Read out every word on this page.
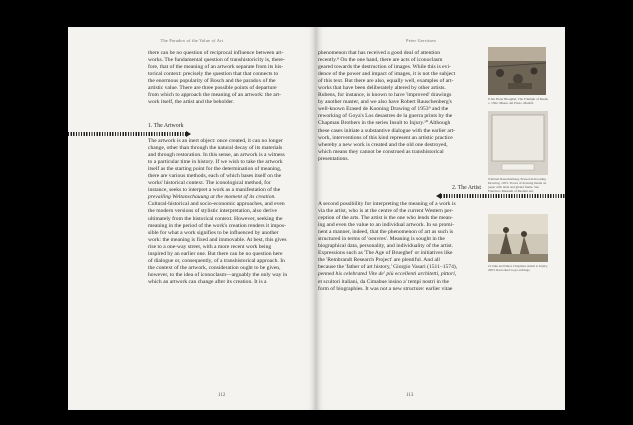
The Paradox of the Value of Art
there can be no question of reciprocal influence between art-
works. The fundamental question of transhistoricity is, there-
fore, that of the meaning of an artwork separate from its his-
torical context: precisely the question that that connects to
the enormous popularity of Bosch and the paradox of the
artistic value. There are three possible points of departure
from which to approach the meaning of an artwork: the art-
work itself, the artist and the beholder.
1. The Artwork
The artwork is an inert object: once created, it can no longer
change, other than through the natural decay of its materials
and through restoration. In this sense, an artwork is a witness
to a particular time in history. If we wish to take the artwork
itself as the starting point for the determination of meaning,
there are various methods, each of which bases itself on the
works' historical context. The iconological method, for
instance, seeks to interpret a work as a manifestation of the
prevailing Weltanschauung at the moment of its creation.
Cultural-historical and socio-economic approaches, and even
the modern versions of stylistic interpretation, also derive
ultimately from the historical context. However, seeking the
meaning in the period of the work's creation renders it impos-
sible for what a work signifies to be influenced by another
work: the meaning is fixed and immovable. At best, this gives
rise to a one-way street, with a more recent work being
inspired by an earlier one. But there can be no question here
of dialogue or, consequently, of a transhistorical approach. In
the context of the artwork, consideration ought to be given,
however, to the idea of iconoclasm—arguably the only way in
which an artwork can change after its creation. It is a
112
Peter Gerritsen
phenomenon that has received a good deal of attention
recently.⁸ On the one hand, there are acts of iconoclasm
geared towards the destruction of images. While this is evi-
dence of the power and impact of images, it is not the subject
of this text. But there are also, equally well, examples of art-
works that have been deliberately altered by other artists.
Rubens, for instance, is known to have 'improved' drawings
by another master, and we also have Robert Rauschenberg's
well-known Erased de Kooning Drawing of 1953⁹ and the
reworking of Goya's Los desastres de la guerra prints by the
Chapman Brothers in the series Insult to Injury.¹⁰ Although
these cases initiate a substantive dialogue with the earlier art-
work, interventions of this kind represent an artistic practice
whereby a new work is created and the old one destroyed,
which means they cannot be construed as transhistorical
presentations.
2. The Artist
A second possibility for interpreting the meaning of a work is
via the artist, who is at the centre of the current Western per-
ception of the arts. The artist is the one who lends the mean-
ing and even the value to an individual artwork. In so promi-
nent a manner, indeed, that the phenomenon of art as such is
structured in terms of 'oeuvres'. Meaning is sought in the
biographical data, personality, and individuality of the artist.
Expressions such as 'The Age of Brueghel' or initiatives like
the 'Rembrandt Research Project' are plentiful. And all
because the 'father of art history,' Giorgio Vasari (1511–1574),
penned his celebrated Vite de' più eccellenti architetti, pittori,
et scultori italiani, da Cimabue insino a' tempi nostri in the
form of biographies. It was not a new structure: earlier vitae
113
8 Jan Pieter Breughel, The Triumph of Death, c. 1562. Museo del Prado, Madrid.
9 Robert Rauschenberg, Erased de Kooning Drawing, 1953. Traces of drawing media on paper with label and gilded frame. San Francisco Museum of Modern Art.
10 Jake and Dinos Chapman, Insult to Injury, 2003. Reworked Goya etchings.
